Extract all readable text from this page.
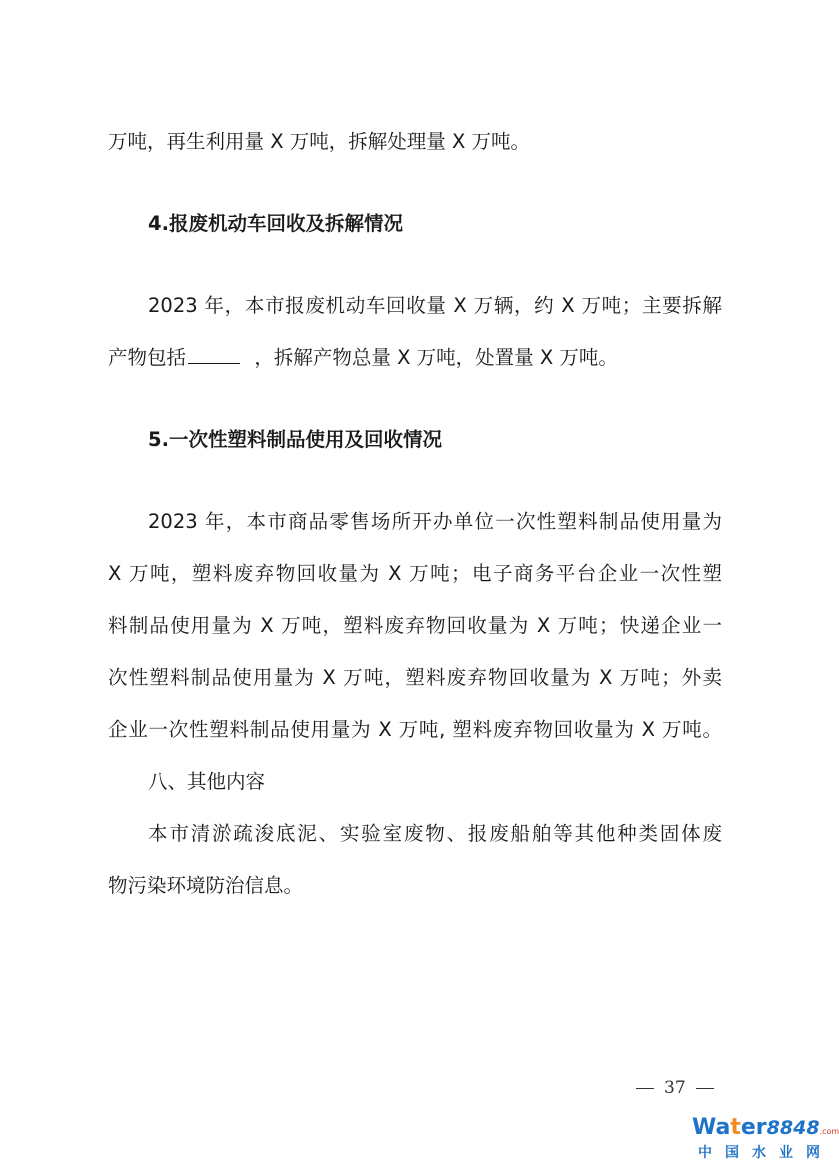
万吨，再生利用量 X 万吨，拆解处理量 X 万吨。
4.报废机动车回收及拆解情况
2023 年，本市报废机动车回收量 X 万辆，约 X 万吨；主要拆解
产物包括	，拆解产物总量 X 万吨，处置量 X 万吨。
5.一次性塑料制品使用及回收情况
2023 年，本市商品零售场所开办单位一次性塑料制品使用量为
X 万吨，塑料废弃物回收量为 X 万吨；电子商务平台企业一次性塑
料制品使用量为 X 万吨，塑料废弃物回收量为 X 万吨；快递企业一
次性塑料制品使用量为 X 万吨，塑料废弃物回收量为 X 万吨；外卖
企业一次性塑料制品使用量为 X 万吨, 塑料废弃物回收量为 X 万吨。
八、其他内容
本市清淤疏浚底泥、实验室废物、报废船舶等其他种类固体废
物污染环境防治信息。
37
Water8848.com
中国水业网
